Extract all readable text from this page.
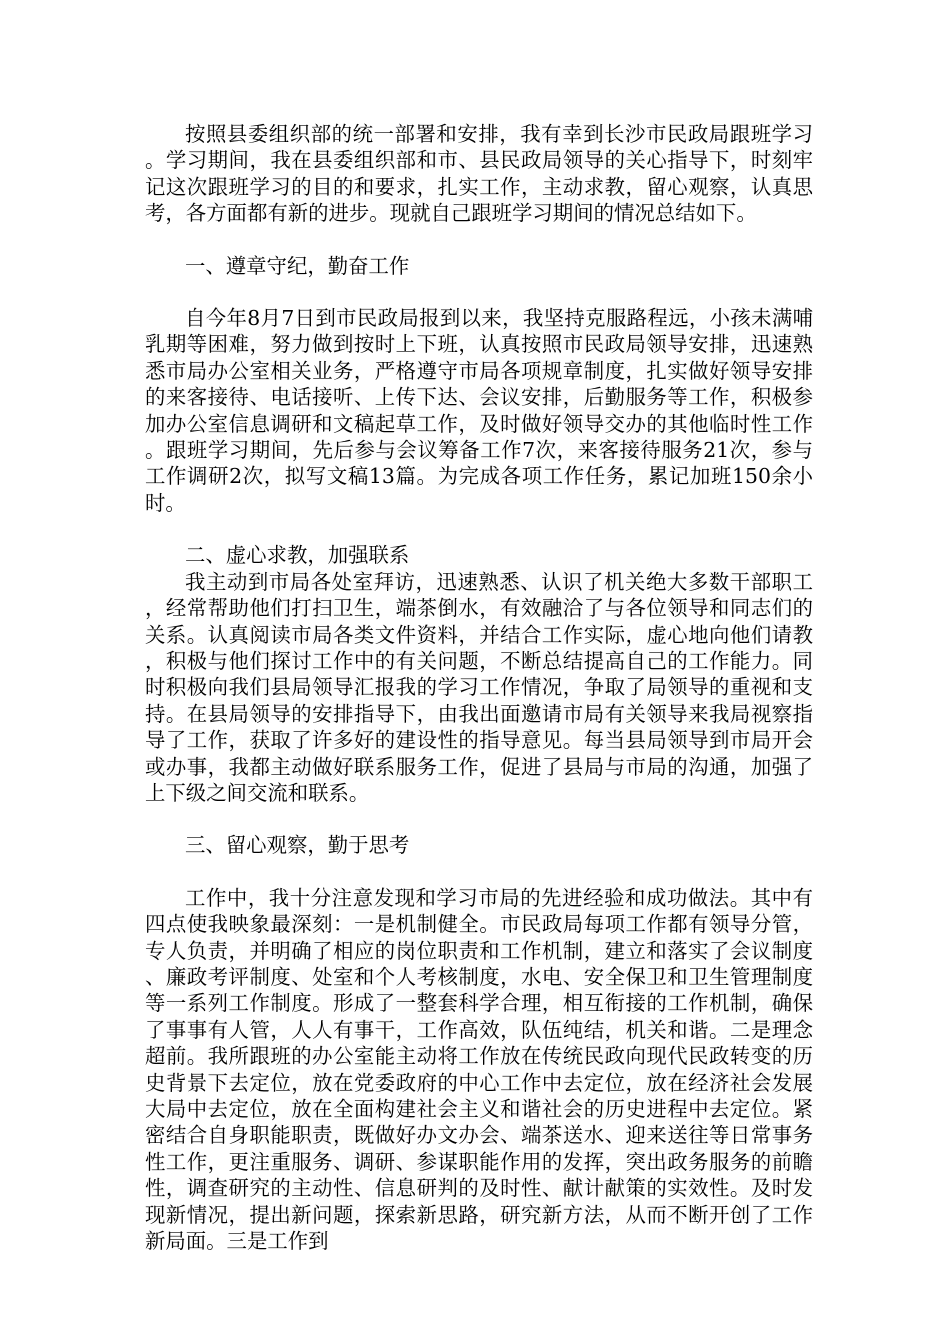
按照县委组织部的统一部署和安排，我有幸到长沙市民政局跟班学习。学习期间，我在县委组织部和市、县民政局领导的关心指导下，时刻牢记这次跟班学习的目的和要求，扎实工作，主动求教，留心观察，认真思考，各方面都有新的进步。现就自己跟班学习期间的情况总结如下。

一、遵章守纪，勤奋工作

自今年8月7日到市民政局报到以来，我坚持克服路程远，小孩未满哺乳期等困难，努力做到按时上下班，认真按照市民政局领导安排，迅速熟悉市局办公室相关业务，严格遵守市局各项规章制度，扎实做好领导安排的来客接待、电话接听、上传下达、会议安排，后勤服务等工作，积极参加办公室信息调研和文稿起草工作，及时做好领导交办的其他临时性工作。跟班学习期间，先后参与会议筹备工作7次，来客接待服务21次，参与工作调研2次，拟写文稿13篇。为完成各项工作任务，累记加班150余小时。

二、虚心求教，加强联系

我主动到市局各处室拜访，迅速熟悉、认识了机关绝大多数干部职工，经常帮助他们打扫卫生，端茶倒水，有效融洽了与各位领导和同志们的关系。认真阅读市局各类文件资料，并结合工作实际，虚心地向他们请教，积极与他们探讨工作中的有关问题，不断总结提高自己的工作能力。同时积极向我们县局领导汇报我的学习工作情况，争取了局领导的重视和支持。在县局领导的安排指导下，由我出面邀请市局有关领导来我局视察指导了工作，获取了许多好的建设性的指导意见。每当县局领导到市局开会或办事，我都主动做好联系服务工作，促进了县局与市局的沟通，加强了上下级之间交流和联系。

三、留心观察，勤于思考

工作中，我十分注意发现和学习市局的先进经验和成功做法。其中有四点使我映象最深刻：一是机制健全。市民政局每项工作都有领导分管，专人负责，并明确了相应的岗位职责和工作机制，建立和落实了会议制度、廉政考评制度、处室和个人考核制度，水电、安全保卫和卫生管理制度等一系列工作制度。形成了一整套科学合理，相互衔接的工作机制，确保了事事有人管，人人有事干，工作高效，队伍纯结，机关和谐。二是理念超前。我所跟班的办公室能主动将工作放在传统民政向现代民政转变的历史背景下去定位，放在党委政府的中心工作中去定位，放在经济社会发展大局中去定位，放在全面构建社会主义和谐社会的历史进程中去定位。紧密结合自身职能职责，既做好办文办会、端茶送水、迎来送往等日常事务性工作，更注重服务、调研、参谋职能作用的发挥，突出政务服务的前瞻性，调查研究的主动性、信息研判的及时性、献计献策的实效性。及时发现新情况，提出新问题，探索新思路，研究新方法，从而不断开创了工作新局面。三是工作到
